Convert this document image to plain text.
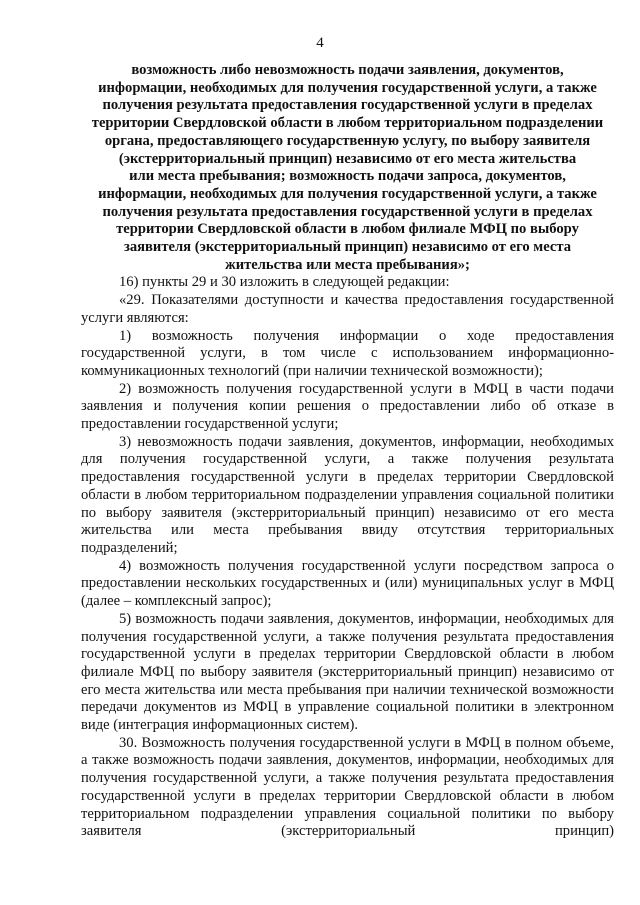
4

возможность либо невозможность подачи заявления, документов,
информации, необходимых для получения государственной услуги, а также
получения результата предоставления государственной услуги в пределах
территории Свердловской области в любом территориальном подразделении
органа, предоставляющего государственную услугу, по выбору заявителя
(экстерриториальный принцип) независимо от его места жительства
или места пребывания; возможность подачи запроса, документов,
информации, необходимых для получения государственной услуги, а также
получения результата предоставления государственной услуги в пределах
территории Свердловской области в любом филиале МФЦ по выбору
заявителя (экстерриториальный принцип) независимо от его места
жительства или места пребывания»;

16) пункты 29 и 30 изложить в следующей редакции:

«29. Показателями доступности и качества предоставления государственной услуги являются:

1) возможность получения информации о ходе предоставления государственной услуги, в том числе с использованием информационно-коммуникационных технологий (при наличии технической возможности);

2) возможность получения государственной услуги в МФЦ в части подачи заявления и получения копии решения о предоставлении либо об отказе в предоставлении государственной услуги;

3) невозможность подачи заявления, документов, информации, необходимых для получения государственной услуги, а также получения результата предоставления государственной услуги в пределах территории Свердловской области в любом территориальном подразделении управления социальной политики по выбору заявителя (экстерриториальный принцип) независимо от его места жительства или места пребывания ввиду отсутствия территориальных подразделений;

4) возможность получения государственной услуги посредством запроса о предоставлении нескольких государственных и (или) муниципальных услуг в МФЦ (далее – комплексный запрос);

5) возможность подачи заявления, документов, информации, необходимых для получения государственной услуги, а также получения результата предоставления государственной услуги в пределах территории Свердловской области в любом филиале МФЦ по выбору заявителя (экстерриториальный принцип) независимо от его места жительства или места пребывания при наличии технической возможности передачи документов из МФЦ в управление социальной политики в электронном виде (интеграция информационных систем).

30. Возможность получения государственной услуги в МФЦ в полном объеме, а также возможность подачи заявления, документов, информации, необходимых для получения государственной услуги, а также получения результата предоставления государственной услуги в пределах территории Свердловской области в любом территориальном подразделении управления социальной политики по выбору заявителя (экстерриториальный принцип)
